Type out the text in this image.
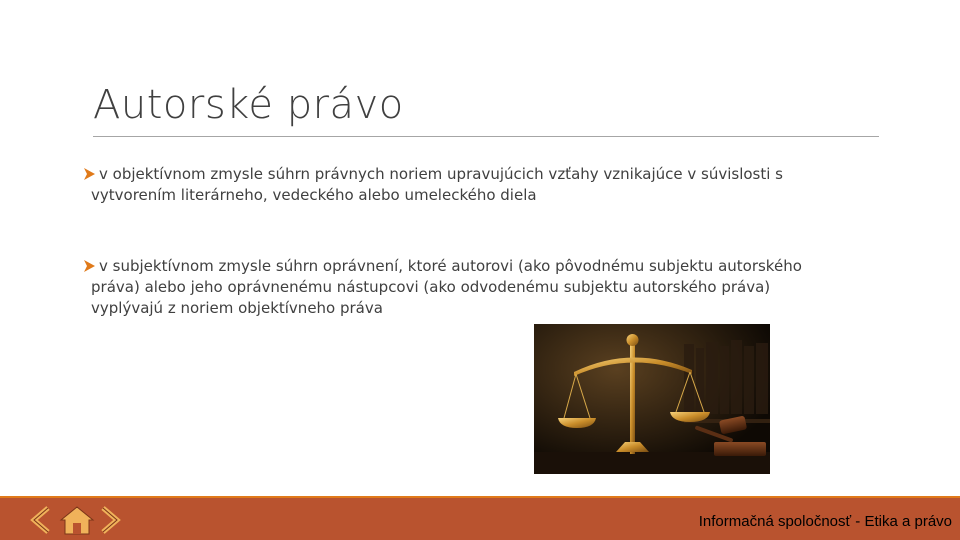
Autorské právo
v objektívnom zmysle súhrn právnych noriem upravujúcich vzťahy vznikajúce v súvislosti s
vytvorením literárneho, vedeckého alebo umeleckého diela
v subjektívnom zmysle súhrn oprávnení, ktoré autorovi (ako pôvodnému subjektu autorského
práva) alebo jeho oprávnenému nástupcovi (ako odvodenému subjektu autorského práva)
vyplývajú z noriem objektívneho práva
Informačná spoločnosť - Etika a právo
